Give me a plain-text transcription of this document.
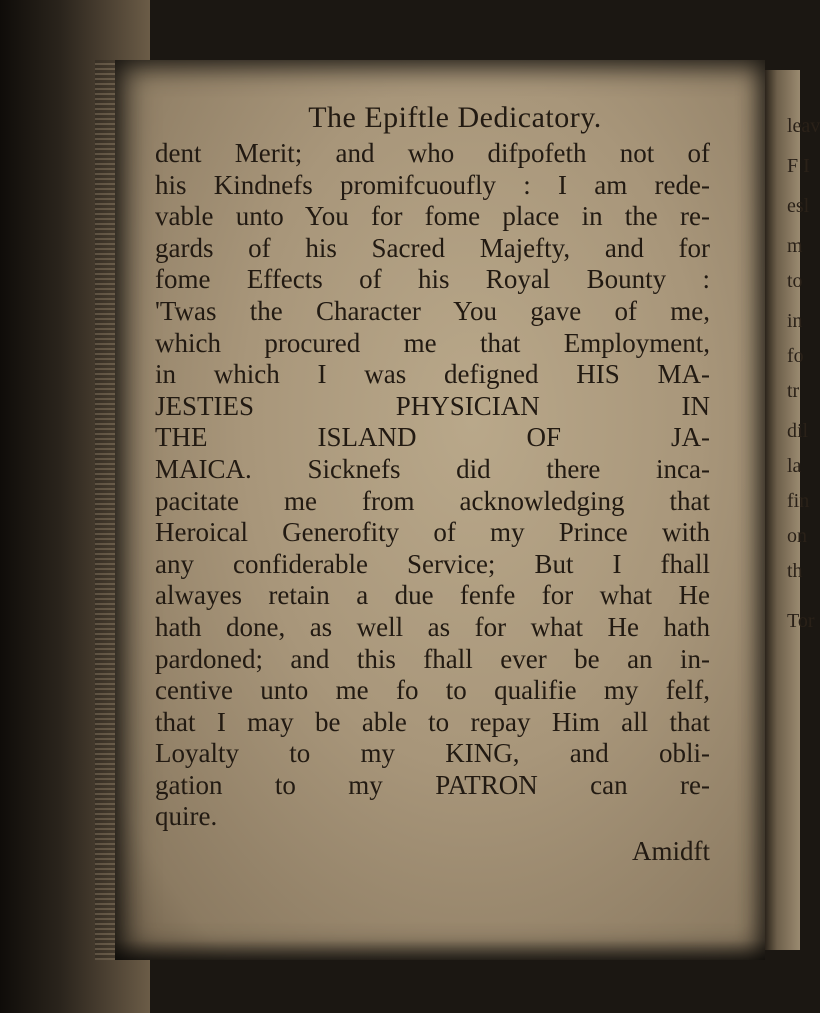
leav
F I
esl
m
to
in
fo
tr
dil
la
fin
on
th
Tor
The Epiftle Dedicatory.
dent Merit; and who difpofeth not of
his Kindnefs promifcuoufly : I am rede-
vable unto You for fome place in the re-
gards of his Sacred Majefty, and for
fome Effects of his Royal Bounty :
'Twas the Character You gave of me,
which procured me that Employment,
in which I was defigned HIS MA-
JESTIES PHYSICIAN IN
THE ISLAND OF JA-
MAICA. Sicknefs did there inca-
pacitate me from acknowledging that
Heroical Generofity of my Prince with
any confiderable Service; But I fhall
alwayes retain a due fenfe for what He
hath done, as well as for what He hath
pardoned; and this fhall ever be an in-
centive unto me fo to qualifie my felf,
that I may be able to repay Him all that
Loyalty to my KING, and obli-
gation to my PATRON can re-
quire.
Amidft
